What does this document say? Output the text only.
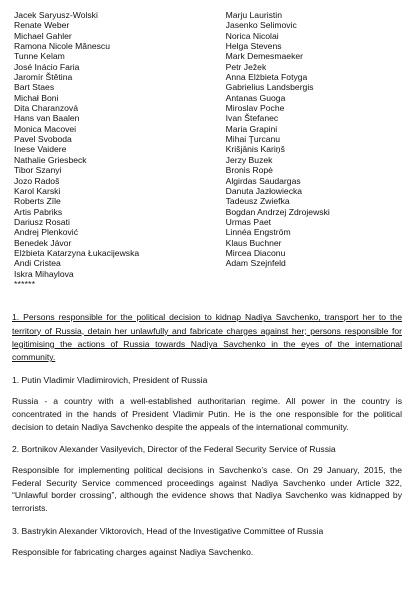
Jacek Saryusz-Wolski
Renate Weber
Michael Gahler
Ramona Nicole Mănescu
Tunne Kelam
José Inácio Faria
Jaromír Štětina
Bart Staes
Michał Boni
Dita Charanzová
Hans van Baalen
Monica Macovei
Pavel Svoboda
Inese Vaidere
Nathalie Griesbeck
Tibor Szanyi
Jozo Radoš
Karol Karski
Roberts Zīle
Artis Pabriks
Dariusz Rosati
Andrej Plenković
Benedek Jávor
Elżbieta Katarzyna Łukacijewska
Andi Cristea
Iskra Mihaylova
Marju Lauristin
Jasenko Selimovic
Norica Nicolai
Helga Stevens
Mark Demesmaeker
Petr Ježek
Anna Elżbieta Fotyga
Gabrielius Landsbergis
Antanas Guoga
Miroslav Poche
Ivan Štefanec
Maria Grapini
Mihai Ţurcanu
Krišjānis Kariņš
Jerzy Buzek
Bronis Ropė
Algirdas Saudargas
Danuta Jazłowiecka
Tadeusz Zwiefka
Bogdan Andrzej Zdrojewski
Urmas Paet
Linnéa Engström
Klaus Buchner
Mircea Diaconu
Adam Szejnfeld
******
1. Persons responsible for the political decision to kidnap Nadiya Savchenko, transport her to the territory of Russia, detain her unlawfully and fabricate charges against her; persons responsible for legitimising the actions of Russia towards Nadiya Savchenko in the eyes of the international community.
1. Putin Vladimir Vladimirovich, President of Russia
Russia - a country with a well-established authoritarian regime. All power in the country is concentrated in the hands of President Vladimir Putin. He is the one responsible for the political decision to detain Nadiya Savchenko despite the appeals of the international community.
2. Bortnikov Alexander Vasilyevich, Director of the Federal Security Service of Russia
Responsible for implementing political decisions in Savchenko’s case. On 29 January, 2015, the Federal Security Service commenced proceedings against Nadiya Savchenko under Article 322, “Unlawful border crossing”, although the evidence shows that Nadiya Savchenko was kidnapped by terrorists.
3. Bastrykin Alexander Viktorovich, Head of the Investigative Committee of Russia
Responsible for fabricating charges against Nadiya Savchenko.
